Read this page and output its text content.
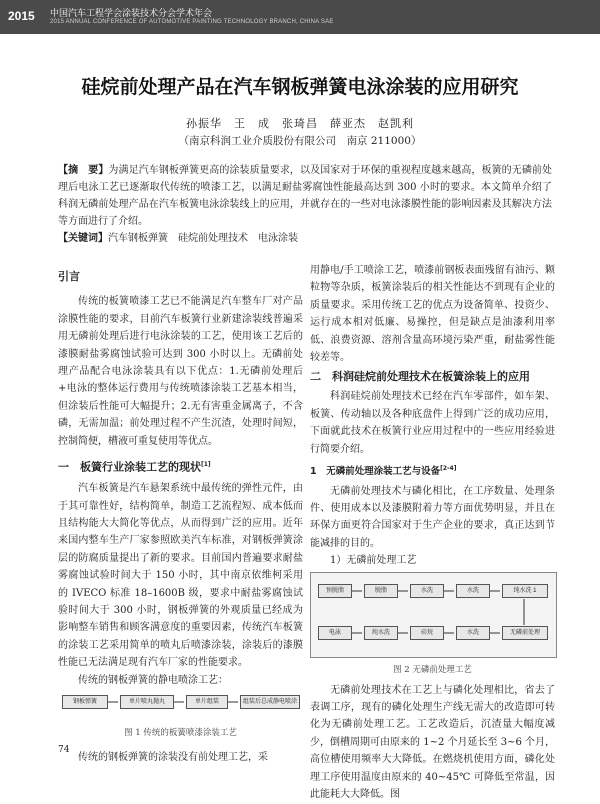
2015 中国汽车工程学会涂装技术分会学术年会
2015 ANNUAL CONFERENCE OF AUTOMOTIVE PAINTING TECHNOLOGY BRANCH, CHINA SAE
硅烷前处理产品在汽车钢板弹簧电泳涂装的应用研究
孙振华　王　成　张琦昌　薛亚杰　赵凯利
（南京科润工业介质股份有限公司　南京 211000）
【摘　要】为满足汽车钢板弹簧更高的涂装质量要求，以及国家对于环保的重视程度越来越高，板簧的无磷前处理后电泳工艺已逐渐取代传统的喷漆工艺，以满足耐盐雾腐蚀性能最高达到 300 小时的要求。本文简单介绍了科润无磷前处理产品在汽车板簧电泳涂装线上的应用，并就存在的一些对电泳漆膜性能的影响因素及其解决方法等方面进行了介绍。
【关键词】汽车钢板弹簧　硅烷前处理技术　电泳涂装
引言

传统的板簧喷漆工艺已不能满足汽车整车厂对产品涂膜性能的要求，目前汽车板簧行业新建涂装线普遍采用无磷前处理后进行电泳涂装的工艺，使用该工艺后的漆膜耐盐雾腐蚀试验可达到 300 小时以上。无磷前处理产品配合电泳涂装具有以下优点：1.无磷前处理后+电泳的整体运行费用与传统喷漆涂装工艺基本相当，但涂装后性能可大幅提升；2.无有害重金属离子，不含磷，无需加温；前处理过程不产生沉渣，处理时间短，控制简便，槽液可重复使用等优点。

一　板簧行业涂装工艺的现状[1]

汽车板簧是汽车悬架系统中最传统的弹性元件，由于其可靠性好，结构简单，制造工艺流程短、成本低而且结构能大大简化等优点，从而得到广泛的应用。近年来国内整车生产厂家参照欧美汽车标准，对钢板弹簧涂层的防腐质量提出了新的要求。目前国内普遍要求耐盐雾腐蚀试验时间大于 150 小时，其中南京依维柯采用的 IVECO 标准 18–1600B 级，要求中耐盐雾腐蚀试验时间大于 300 小时，钢板弹簧的外观质量已经成为影响整车销售和顾客满意度的重要因素，传统汽车板簧的涂装工艺采用简单的喷丸后喷漆涂装，涂装后的漆膜性能已无法满足现有汽车厂家的性能要求。

传统的钢板弹簧的静电喷涂工艺：

钢板弹簧	单片喷丸抛丸	单片组装	组装后总成静电喷涂
图 1 传统的板簧喷漆涂装工艺

传统的钢板弹簧的涂装没有前处理工艺，采

用静电/手工喷涂工艺，喷漆前钢板表面残留有油污、颗粒物等杂质，板簧涂装后的相关性能达不到现有企业的质量要求。采用传统工艺的优点为设备简单、投资少、运行成本相对低廉、易操控，但是缺点是油漆利用率低、浪费资源、溶剂含量高环境污染严重，耐盐雾性能较差等。

二　科润硅烷前处理技术在板簧涂装上的应用

科润硅烷前处理技术已经在汽车零部件，如车架、板簧、传动轴以及各种底盘件上得到广泛的成功应用，下面就此技术在板簧行业应用过程中的一些应用经验进行简要介绍。

1　无磷前处理涂装工艺与设备[2-4]

无磷前处理技术与磷化相比，在工序数量、处理条件、使用成本以及漆膜附着力等方面优势明显，并且在环保方面更符合国家对于生产企业的要求，真正达到节能减排的目的。

1）无磷前处理工艺

预脱脂	脱脂	水洗	水洗	纯水洗 1
电泳	纯水洗	硅烷	水洗	无磷前处理
图 2 无磷前处理工艺

无磷前处理技术在工艺上与磷化处理相比，省去了表调工序，现有的磷化处理生产线无需大的改造即可转化为无磷前处理工艺。工艺改造后，沉渣量大幅度减少，倒槽周期可由原来的 1~2 个月延长至 3~6 个月，高位槽使用频率大大降低。在燃烧机使用方面，磷化处理工序使用温度由原来的 40~45℃ 可降低至常温，因此能耗大大降低。图

74
